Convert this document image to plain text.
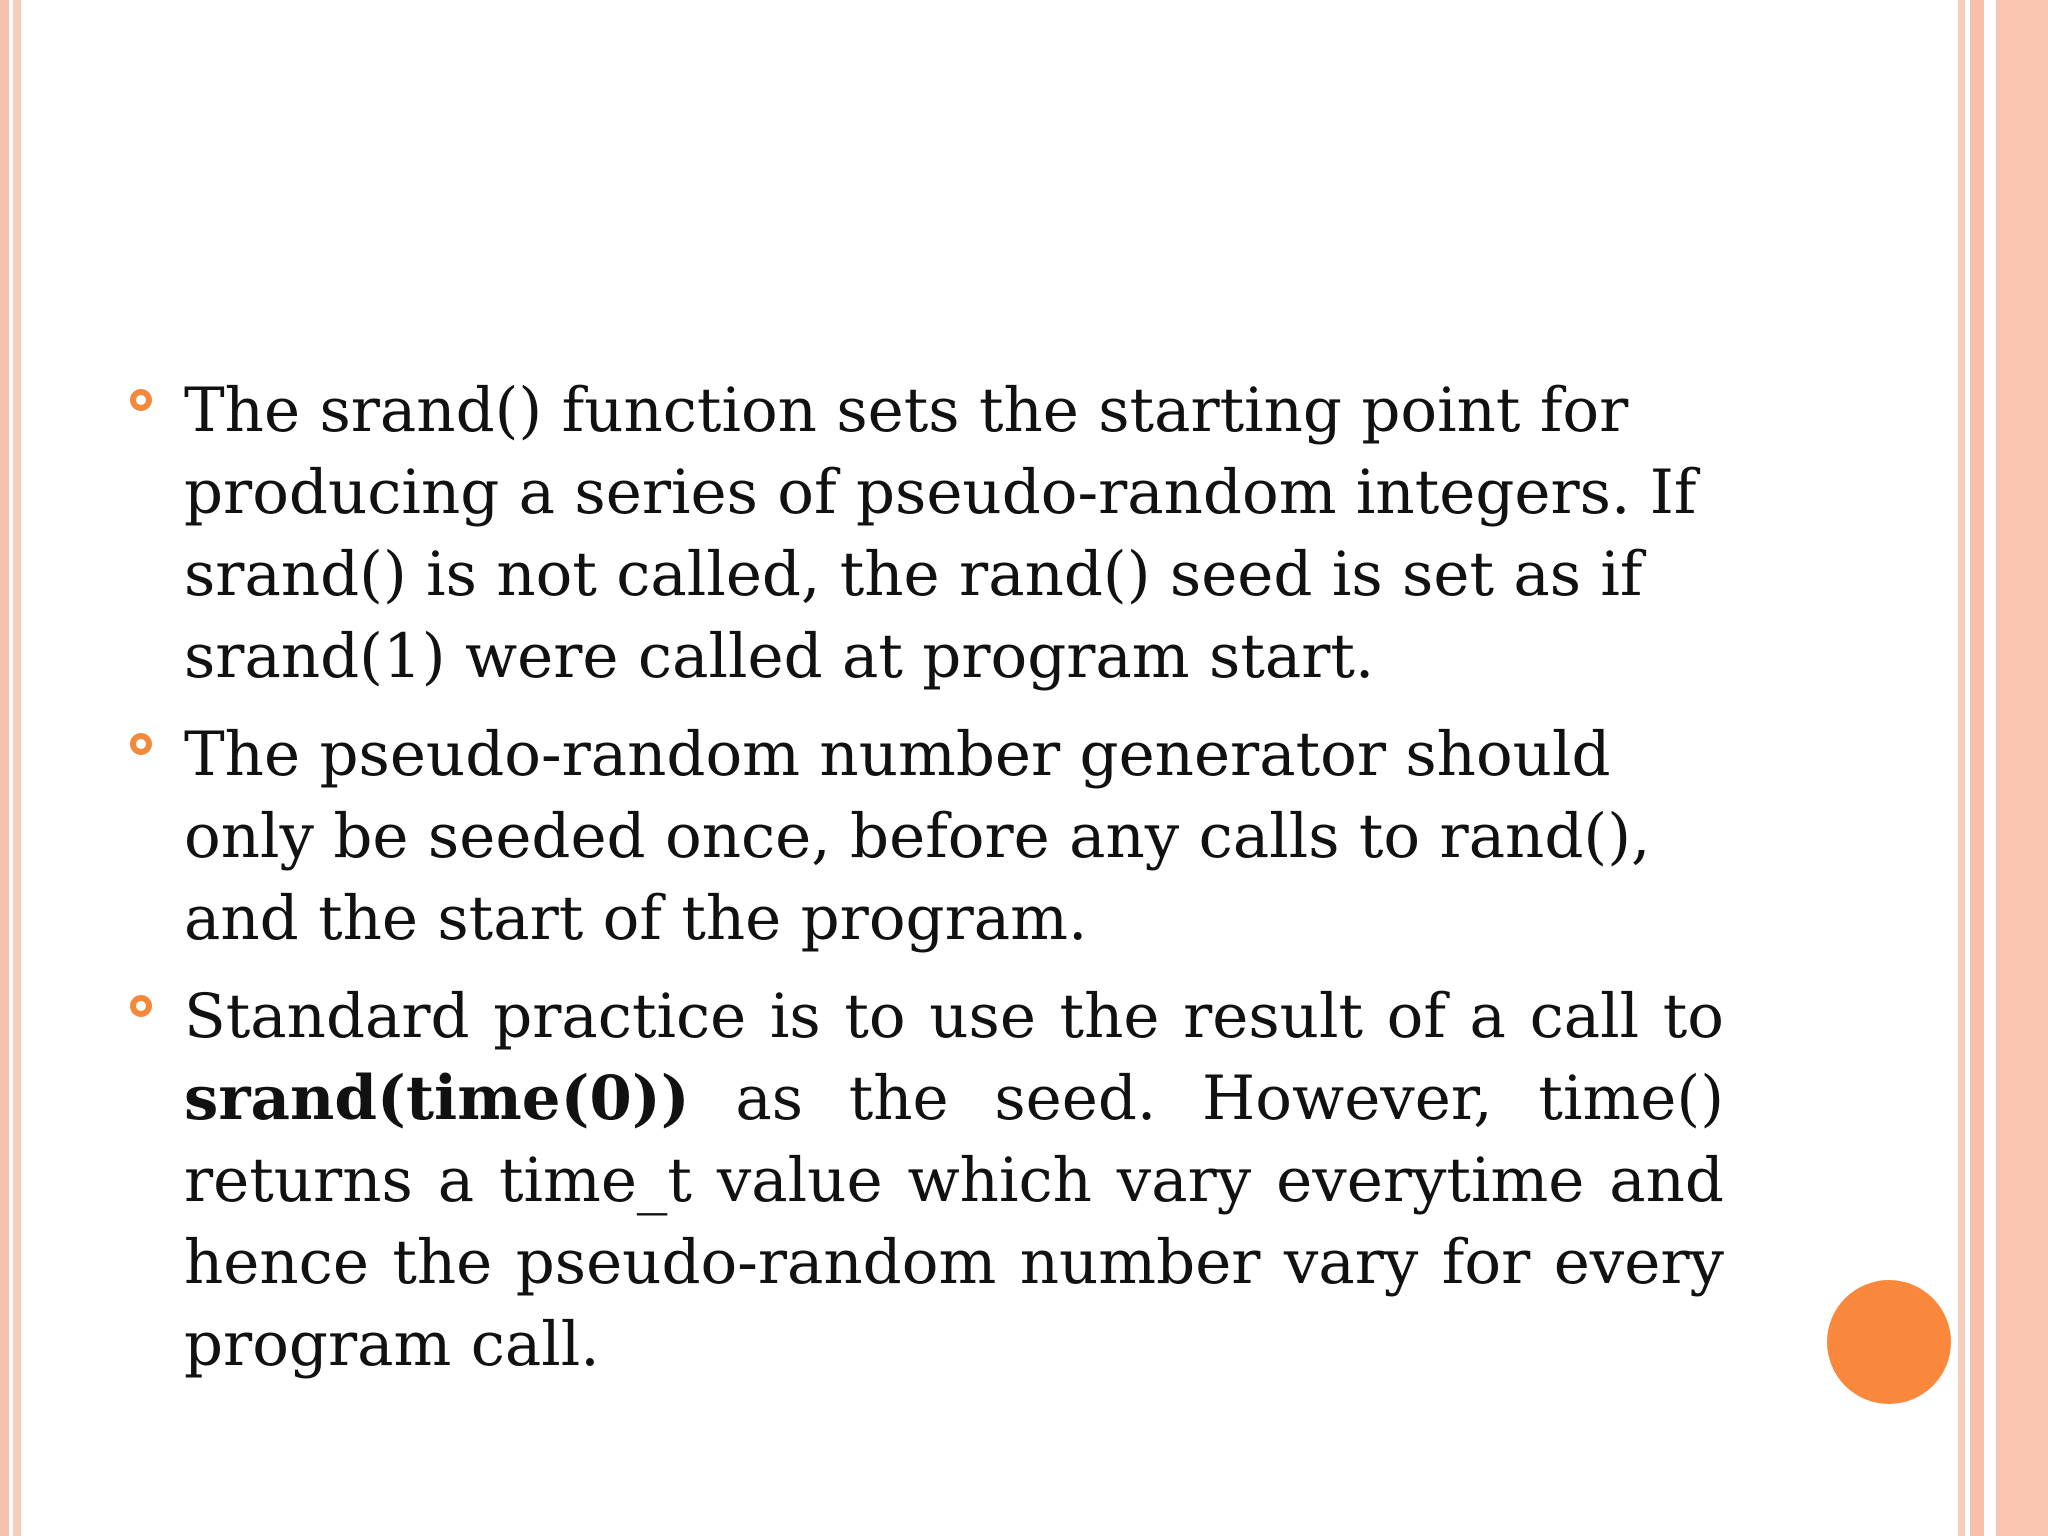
The srand() function sets the starting point for producing a series of pseudo-random integers. If srand() is not called, the rand() seed is set as if srand(1) were called at program start.
The pseudo-random number generator should only be seeded once, before any calls to rand(), and the start of the program.
Standard practice is to use the result of a call to srand(time(0)) as the seed. However, time() returns a time_t value which vary everytime and hence the pseudo-random number vary for every program call.
